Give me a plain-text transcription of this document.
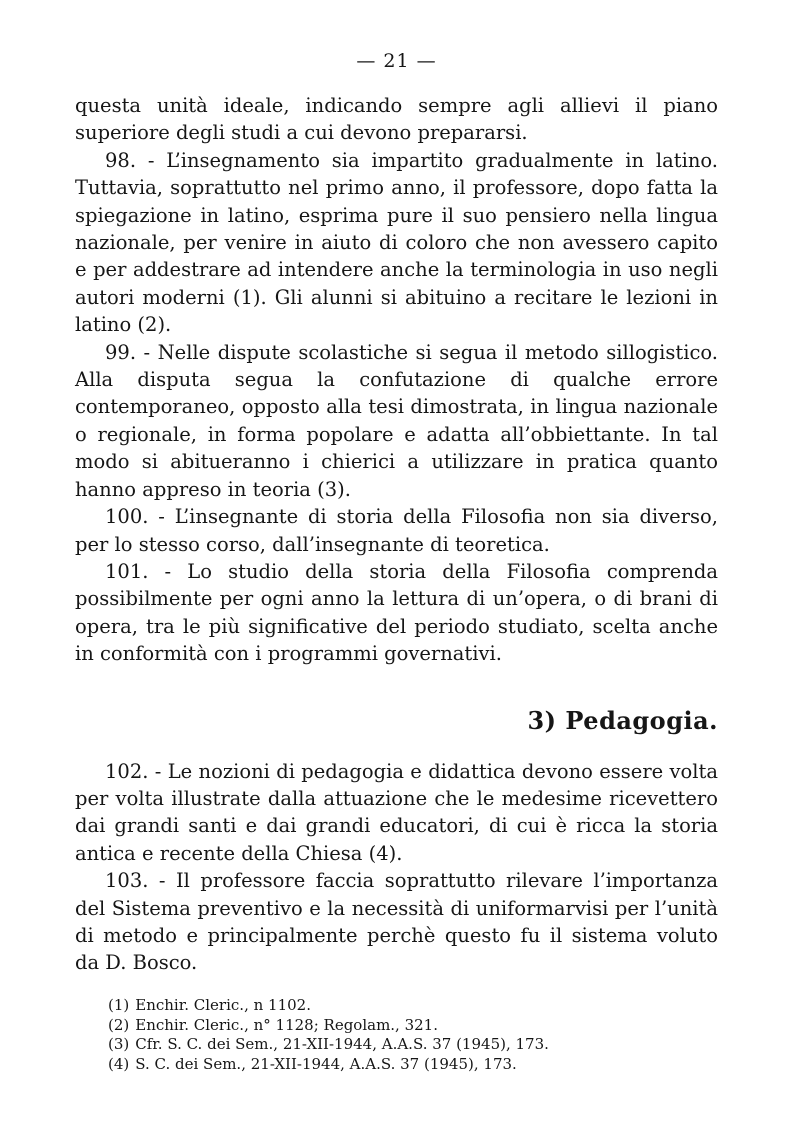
— 21 —

questa unità ideale, indicando sempre agli allievi il piano superiore degli studi a cui devono prepararsi.

98. - L’insegnamento sia impartito gradualmente in latino. Tuttavia, soprattutto nel primo anno, il professore, dopo fatta la spiegazione in latino, esprima pure il suo pensiero nella lingua nazionale, per venire in aiuto di coloro che non avessero capito e per addestrare ad intendere anche la terminologia in uso negli autori moderni (1). Gli alunni si abituino a recitare le lezioni in latino (2).

99. - Nelle dispute scolastiche si segua il metodo sillogistico. Alla disputa segua la confutazione di qualche errore contemporaneo, opposto alla tesi dimostrata, in lingua nazionale o regionale, in forma popolare e adatta all’obbiettante. In tal modo si abitueranno i chierici a utilizzare in pratica quanto hanno appreso in teoria (3).

100. - L’insegnante di storia della Filosofia non sia diverso, per lo stesso corso, dall’insegnante di teoretica.

101. - Lo studio della storia della Filosofia comprenda possibilmente per ogni anno la lettura di un’opera, o di brani di opera, tra le più significative del periodo studiato, scelta anche in conformità con i programmi governativi.

3) Pedagogia.

102. - Le nozioni di pedagogia e didattica devono essere volta per volta illustrate dalla attuazione che le medesime ricevettero dai grandi santi e dai grandi educatori, di cui è ricca la storia antica e recente della Chiesa (4).

103. - Il professore faccia soprattutto rilevare l’importanza del Sistema preventivo e la necessità di uniformarvisi per l’unità di metodo e principalmente perchè questo fu il sistema voluto da D. Bosco.

(1) Enchir. Cleric., n 1102.
(2) Enchir. Cleric., n° 1128; Regolam., 321.
(3) Cfr. S. C. dei Sem., 21-XII-1944, A.A.S. 37 (1945), 173.
(4) S. C. dei Sem., 21-XII-1944, A.A.S. 37 (1945), 173.
